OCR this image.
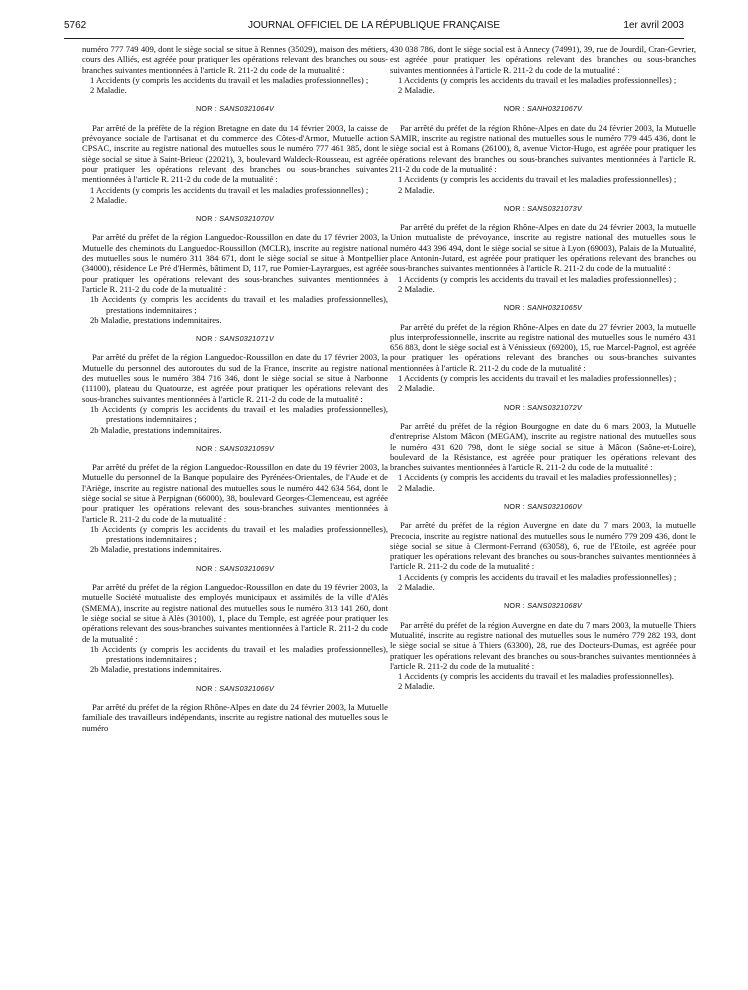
5762	JOURNAL OFFICIEL DE LA RÉPUBLIQUE FRANÇAISE	1er avril 2003

numéro 777 749 409, dont le siège social se situe à Rennes (35029), maison des métiers, cours des Alliés, est agréée pour pratiquer les opérations relevant des branches ou sous-branches suivantes mentionnées à l'article R. 211-2 du code de la mutualité :

1 Accidents (y compris les accidents du travail et les maladies professionnelles) ;
2 Maladie.
NOR : SANS0321064V

Par arrêté de la préfète de la région Bretagne en date du 14 février 2003, la caisse de prévoyance sociale de l'artisanat et du commerce des Côtes-d'Armor, Mutuelle action CPSAC, inscrite au registre national des mutuelles sous le numéro 777 461 385, dont le siège social se situe à Saint-Brieuc (22021), 3, boulevard Waldeck-Rousseau, est agréée pour pratiquer les opérations relevant des branches ou sous-branches suivantes mentionnées à l'article R. 211-2 du code de la mutualité :

1 Accidents (y compris les accidents du travail et les maladies professionnelles) ;
2 Maladie.
NOR : SANS0321070V

Par arrêté du préfet de la région Languedoc-Roussillon en date du 17 février 2003, la Mutuelle des cheminots du Languedoc-Roussillon (MCLR), inscrite au registre national des mutuelles sous le numéro 311 384 671, dont le siège social se situe à Montpellier (34000), résidence Le Pré d'Hermès, bâtiment D, 117, rue Pomier-Layrargues, est agréée pour pratiquer les opérations relevant des sous-branches suivantes mentionnées à l'article R. 211-2 du code de la mutualité :

1b Accidents (y compris les accidents du travail et les maladies professionnelles), prestations indemnitaires ;
2b Maladie, prestations indemnitaires.
NOR : SANS0321071V

Par arrêté du préfet de la région Languedoc-Roussillon en date du 17 février 2003, la Mutuelle du personnel des autoroutes du sud de la France, inscrite au registre national des mutuelles sous le numéro 384 716 346, dont le siège social se situe à Narbonne (11100), plateau du Quatourze, est agréée pour pratiquer les opérations relevant des sous-branches suivantes mentionnées à l'article R. 211-2 du code de la mutualité :

1b Accidents (y compris les accidents du travail et les maladies professionnelles), prestations indemnitaires ;
2b Maladie, prestations indemnitaires.
NOR : SANS0321059V

Par arrêté du préfet de la région Languedoc-Roussillon en date du 19 février 2003, la Mutuelle du personnel de la Banque populaire des Pyrénées-Orientales, de l'Aude et de l'Ariège, inscrite au registre national des mutuelles sous le numéro 442 634 564, dont le siège social se situe à Perpignan (66000), 38, boulevard Georges-Clemenceau, est agréée pour pratiquer les opérations relevant des sous-branches suivantes mentionnées à l'article R. 211-2 du code de la mutualité :

1b Accidents (y compris les accidents du travail et les maladies professionnelles), prestations indemnitaires ;
2b Maladie, prestations indemnitaires.
NOR : SANS0321069V

Par arrêté du préfet de la région Languedoc-Roussillon en date du 19 février 2003, la mutuelle Société mutualiste des employés municipaux et assimilés de la ville d'Alès (SMEMA), inscrite au registre national des mutuelles sous le numéro 313 141 260, dont le siège social se situe à Alès (30100), 1, place du Temple, est agréée pour pratiquer les opérations relevant des sous-branches suivantes mentionnées à l'article R. 211-2 du code de la mutualité :

1b Accidents (y compris les accidents du travail et les maladies professionnelles), prestations indemnitaires ;
2b Maladie, prestations indemnitaires.
NOR : SANS0321066V

Par arrêté du préfet de la région Rhône-Alpes en date du 24 février 2003, la Mutuelle familiale des travailleurs indépendants, inscrite au registre national des mutuelles sous le numéro

430 038 786, dont le siège social est à Annecy (74991), 39, rue de Jourdil, Cran-Gevrier, est agréée pour pratiquer les opérations relevant des branches ou sous-branches suivantes mentionnées à l'article R. 211-2 du code de la mutualité :

1 Accidents (y compris les accidents du travail et les maladies professionnelles) ;
2 Maladie.
NOR : SANH0321067V

Par arrêté du préfet de la région Rhône-Alpes en date du 24 février 2003, la Mutuelle SAMIR, inscrite au registre national des mutuelles sous le numéro 779 445 436, dont le siège social est à Romans (26100), 8, avenue Victor-Hugo, est agréée pour pratiquer les opérations relevant des branches ou sous-branches suivantes mentionnées à l'article R. 211-2 du code de la mutualité :

1 Accidents (y compris les accidents du travail et les maladies professionnelles) ;
2 Maladie.
NOR : SANS0321073V

Par arrêté du préfet de la région Rhône-Alpes en date du 24 février 2003, la mutuelle Union mutualiste de prévoyance, inscrite au registre national des mutuelles sous le numéro 443 396 494, dont le siège social se situe à Lyon (69003), Palais de la Mutualité, place Antonin-Jutard, est agréée pour pratiquer les opérations relevant des branches ou sous-branches suivantes mentionnées à l'article R. 211-2 du code de la mutualité :

1 Accidents (y compris les accidents du travail et les maladies professionnelles) ;
2 Maladie.
NOR : SANH0321065V

Par arrêté du préfet de la région Rhône-Alpes en date du 27 février 2003, la mutuelle plus interprofessionnelle, inscrite au registre national des mutuelles sous le numéro 431 656 883, dont le siège social est à Vénissieux (69200), 15, rue Marcel-Pagnol, est agréée pour pratiquer les opérations relevant des branches ou sous-branches suivantes mentionnées à l'article R. 211-2 du code de la mutualité :

1 Accidents (y compris les accidents du travail et les maladies professionnelles) ;
2 Maladie.
NOR : SANS0321072V

Par arrêté du préfet de la région Bourgogne en date du 6 mars 2003, la Mutuelle d'entreprise Alstom Mâcon (MEGAM), inscrite au registre national des mutuelles sous le numéro 431 620 798, dont le siège social se situe à Mâcon (Saône-et-Loire), boulevard de la Résistance, est agréée pour pratiquer les opérations relevant des branches suivantes mentionnées à l'article R. 211-2 du code de la mutualité :

1 Accidents (y compris les accidents du travail et les maladies professionnelles) ;
2 Maladie.
NOR : SANS0321060V

Par arrêté du préfet de la région Auvergne en date du 7 mars 2003, la mutuelle Precocia, inscrite au registre national des mutuelles sous le numéro 779 209 436, dont le siège social se situe à Clermont-Ferrand (63058), 6, rue de l'Etoile, est agréée pour pratiquer les opérations relevant des branches ou sous-branches suivantes mentionnées à l'article R. 211-2 du code de la mutualité :

1 Accidents (y compris les accidents du travail et les maladies professionnelles) ;
2 Maladie.
NOR : SANS0321068V

Par arrêté du préfet de la région Auvergne en date du 7 mars 2003, la mutuelle Thiers Mutualité, inscrite au registre national des mutuelles sous le numéro 779 282 193, dont le siège social se situe à Thiers (63300), 28, rue des Docteurs-Dumas, est agréée pour pratiquer les opérations relevant des branches ou sous-branches suivantes mentionnées à l'article R. 211-2 du code de la mutualité :

1 Accidents (y compris les accidents du travail et les maladies professionnelles).
2 Maladie.
